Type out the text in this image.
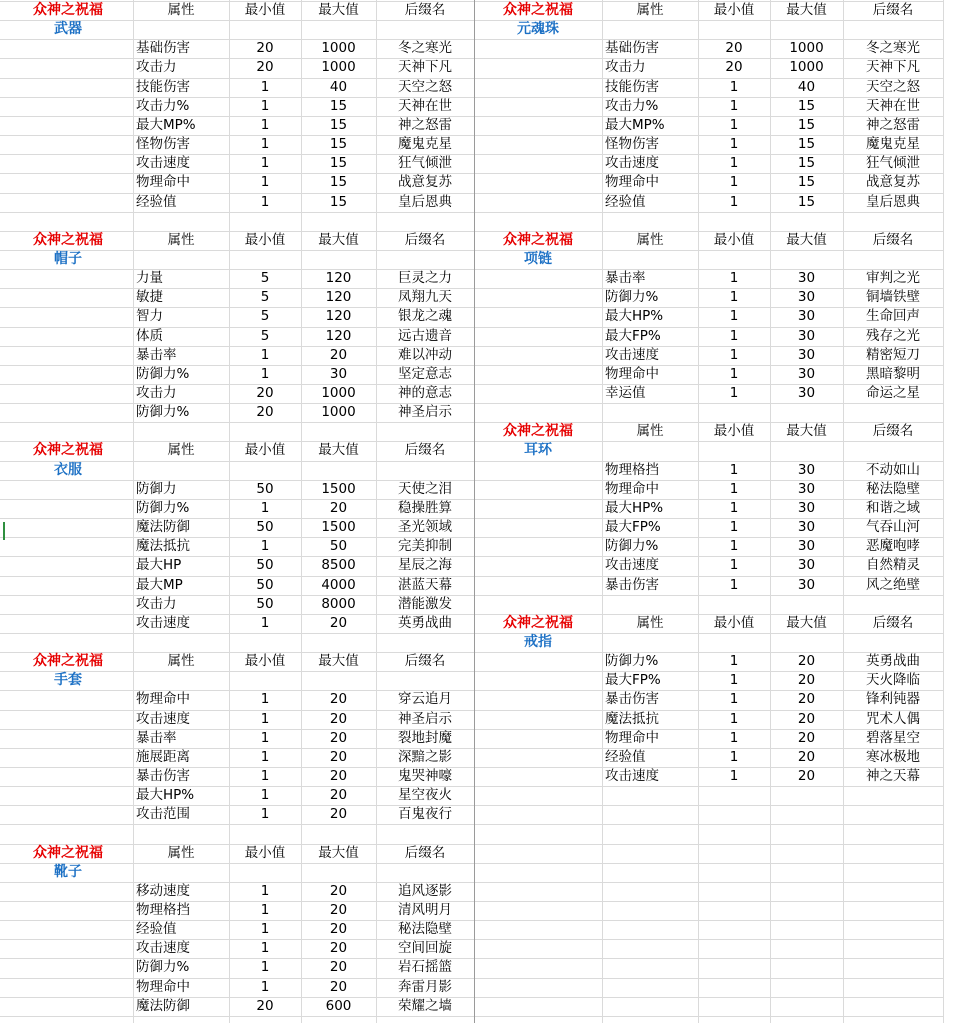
众神之祝福	属性	最小值	最大值	后缀名
武器
基础伤害	20	1000	冬之寒光
攻击力	20	1000	天神下凡
技能伤害	1	40	天空之怒
攻击力%	1	15	天神在世
最大MP%	1	15	神之怒雷
怪物伤害	1	15	魔鬼克星
攻击速度	1	15	狂气倾泄
物理命中	1	15	战意复苏
经验值	1	15	皇后恩典
众神之祝福	属性	最小值	最大值	后缀名
帽子
力量	5	120	巨灵之力
敏捷	5	120	凤翔九天
智力	5	120	银龙之魂
体质	5	120	远古遗音
暴击率	1	20	难以冲动
防御力%	1	30	坚定意志
攻击力	20	1000	神的意志
防御力%	20	1000	神圣启示
众神之祝福	属性	最小值	最大值	后缀名
衣服
防御力	50	1500	天使之泪
防御力%	1	20	稳操胜算
魔法防御	50	1500	圣光领域
魔法抵抗	1	50	完美抑制
最大HP	50	8500	星辰之海
最大MP	50	4000	湛蓝天幕
攻击力	50	8000	潜能激发
攻击速度	1	20	英勇战曲
众神之祝福	属性	最小值	最大值	后缀名
手套
物理命中	1	20	穿云追月
攻击速度	1	20	神圣启示
暴击率	1	20	裂地封魔
施展距离	1	20	深黯之影
暴击伤害	1	20	鬼哭神嚎
最大HP%	1	20	星空夜火
攻击范围	1	20	百鬼夜行
众神之祝福	属性	最小值	最大值	后缀名
靴子
移动速度	1	20	追风逐影
物理格挡	1	20	清风明月
经验值	1	20	秘法隐壁
攻击速度	1	20	空间回旋
防御力%	1	20	岩石摇篮
物理命中	1	20	奔雷月影
魔法防御	20	600	荣耀之墙
众神之祝福	属性	最小值	最大值	后缀名
元魂珠
基础伤害	20	1000	冬之寒光
攻击力	20	1000	天神下凡
技能伤害	1	40	天空之怒
攻击力%	1	15	天神在世
最大MP%	1	15	神之怒雷
怪物伤害	1	15	魔鬼克星
攻击速度	1	15	狂气倾泄
物理命中	1	15	战意复苏
经验值	1	15	皇后恩典
众神之祝福	属性	最小值	最大值	后缀名
项链
暴击率	1	30	审判之光
防御力%	1	30	铜墙铁壁
最大HP%	1	30	生命回声
最大FP%	1	30	残存之光
攻击速度	1	30	精密短刀
物理命中	1	30	黑暗黎明
幸运值	1	30	命运之星
众神之祝福	属性	最小值	最大值	后缀名
耳环
物理格挡	1	30	不动如山
物理命中	1	30	秘法隐壁
最大HP%	1	30	和谐之域
最大FP%	1	30	气吞山河
防御力%	1	30	恶魔咆哮
攻击速度	1	30	自然精灵
暴击伤害	1	30	风之绝壁
众神之祝福	属性	最小值	最大值	后缀名
戒指
防御力%	1	20	英勇战曲
最大FP%	1	20	天火降临
暴击伤害	1	20	锋利钝器
魔法抵抗	1	20	咒术人偶
物理命中	1	20	碧落星空
经验值	1	20	寒冰极地
攻击速度	1	20	神之天幕
